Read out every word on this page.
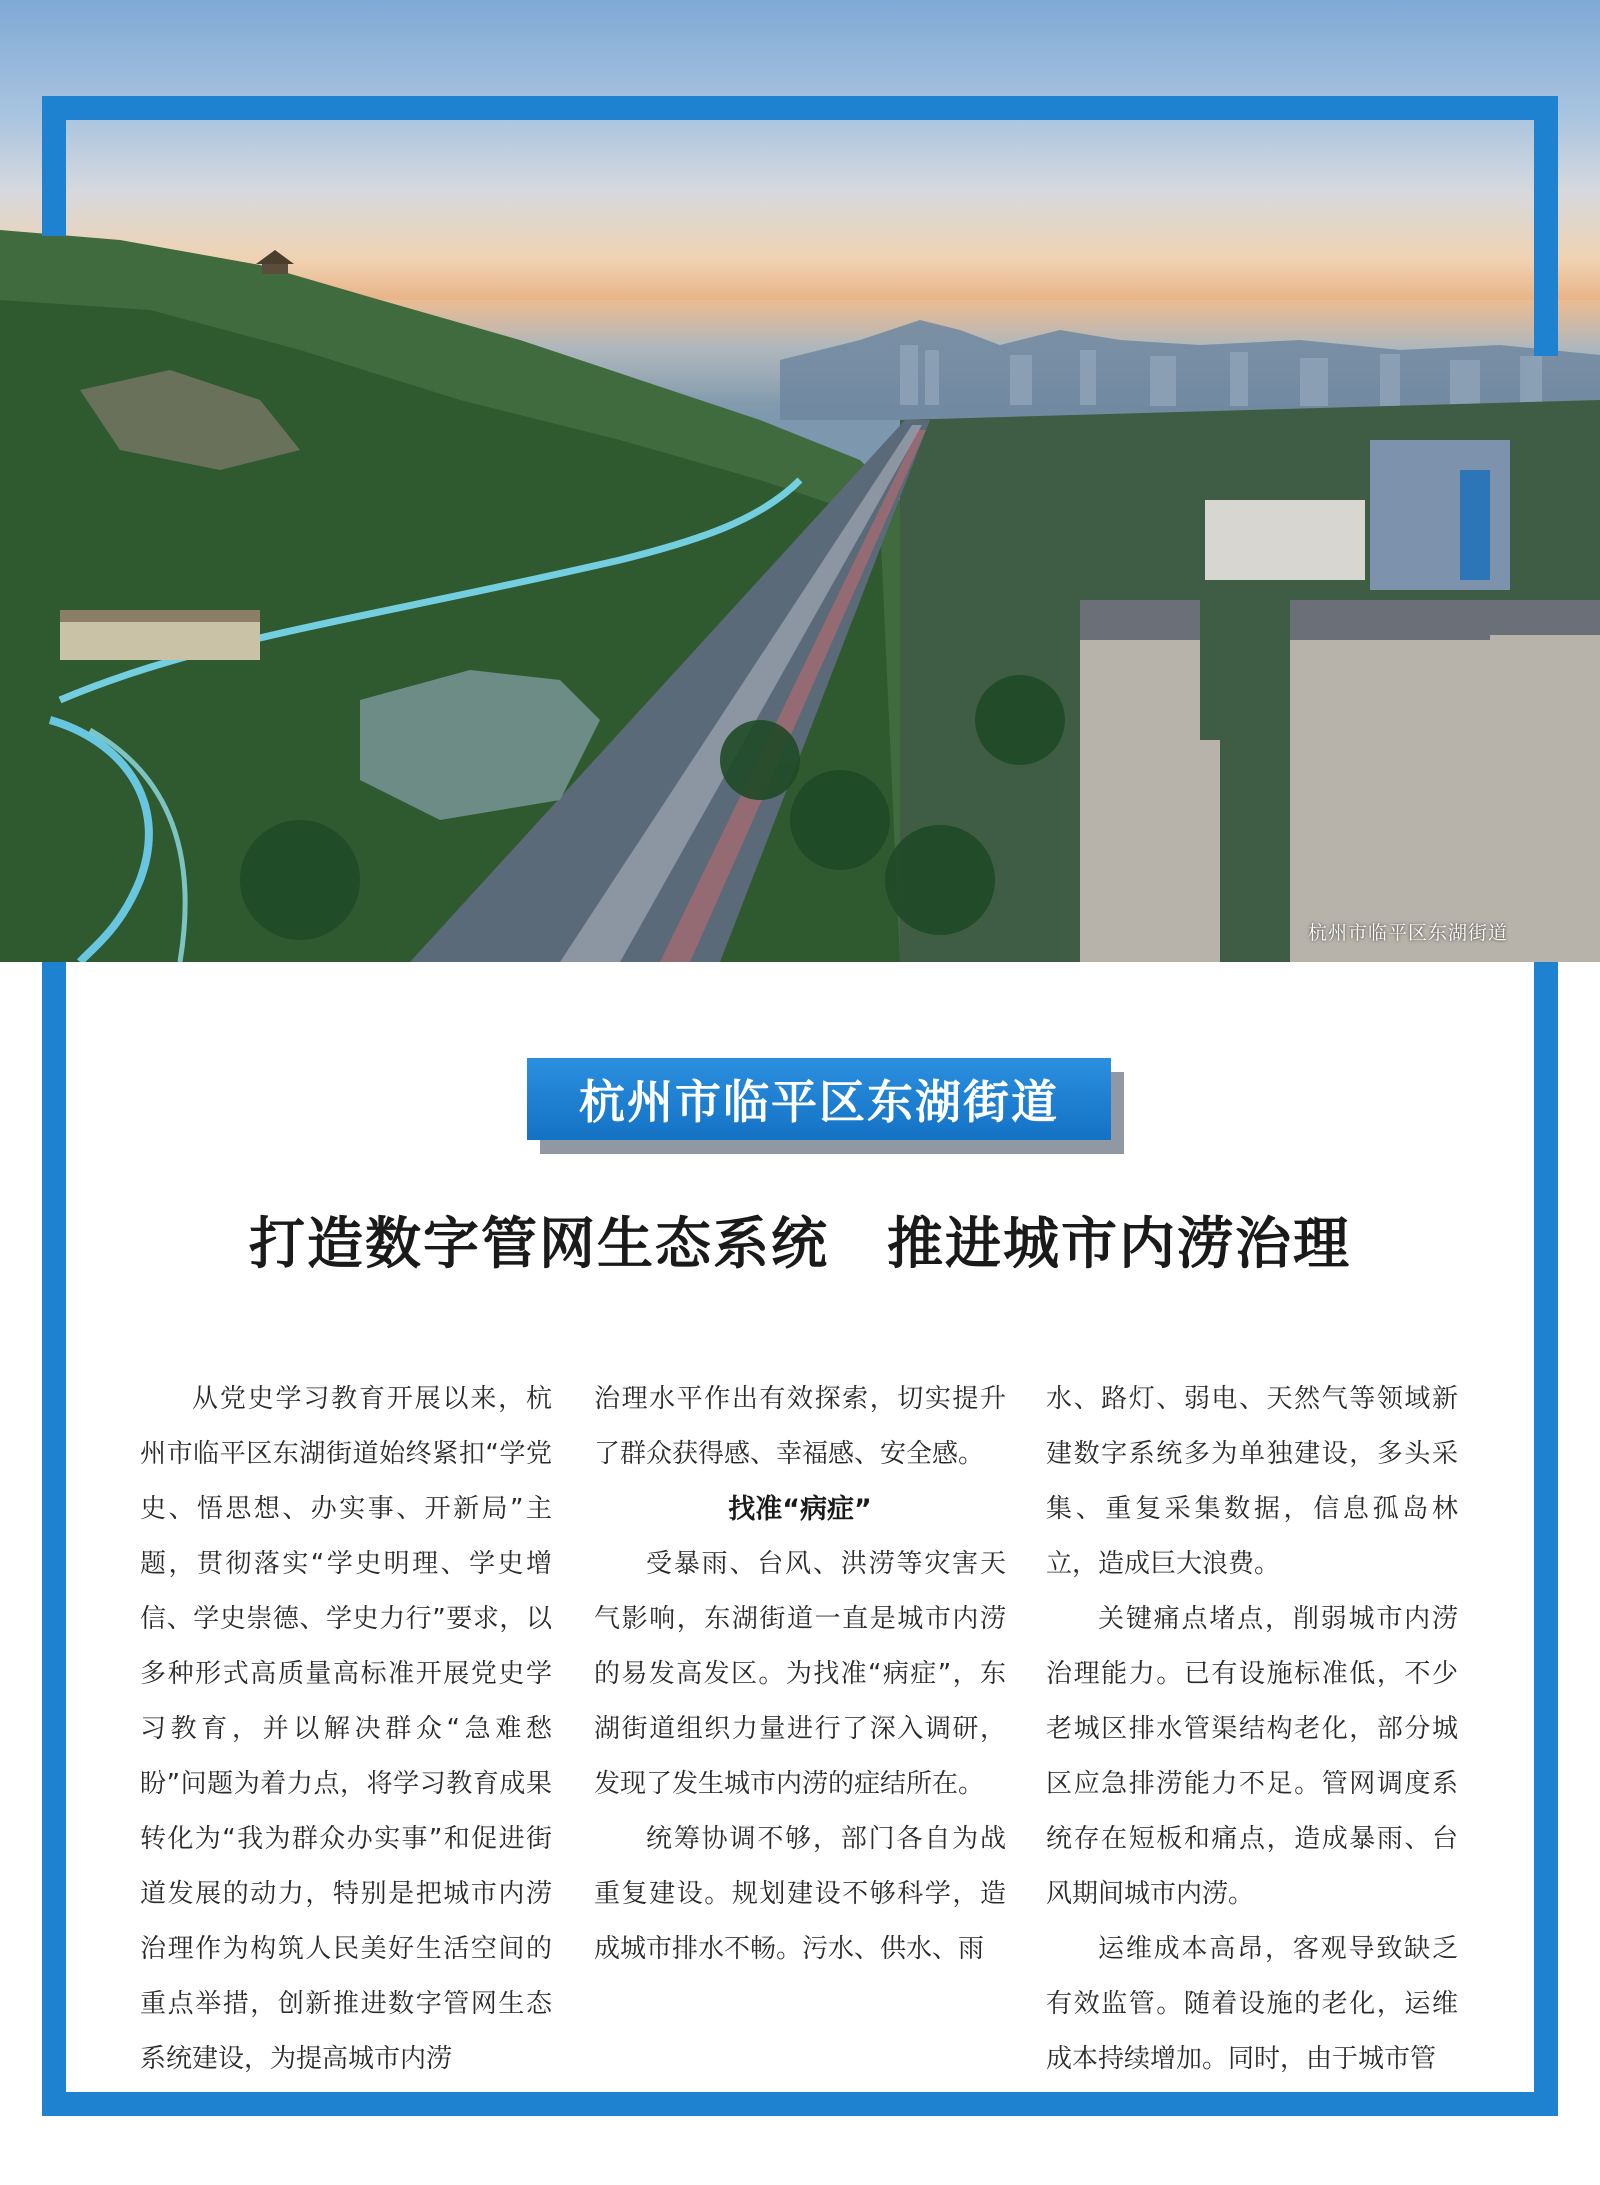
杭州市临平区东湖街道
杭州市临平区东湖街道
打造数字管网生态系统　推进城市内涝治理

从党史学习教育开展以来，杭州市临平区东湖街道始终紧扣“学党史、悟思想、办实事、开新局”主题，贯彻落实“学史明理、学史增信、学史崇德、学史力行”要求，以多种形式高质量高标准开展党史学习教育，并以解决群众“急难愁盼”问题为着力点，将学习教育成果转化为“我为群众办实事”和促进街道发展的动力，特别是把城市内涝治理作为构筑人民美好生活空间的重点举措，创新推进数字管网生态系统建设，为提高城市内涝

治理水平作出有效探索，切实提升了群众获得感、幸福感、安全感。

找准“病症”

受暴雨、台风、洪涝等灾害天气影响，东湖街道一直是城市内涝的易发高发区。为找准“病症”，东湖街道组织力量进行了深入调研，发现了发生城市内涝的症结所在。

统筹协调不够，部门各自为战重复建设。规划建设不够科学，造成城市排水不畅。污水、供水、雨

水、路灯、弱电、天然气等领域新建数字系统多为单独建设，多头采集、重复采集数据，信息孤岛林立，造成巨大浪费。

关键痛点堵点，削弱城市内涝治理能力。已有设施标准低，不少老城区排水管渠结构老化，部分城区应急排涝能力不足。管网调度系统存在短板和痛点，造成暴雨、台风期间城市内涝。

运维成本高昂，客观导致缺乏有效监管。随着设施的老化，运维成本持续增加。同时，由于城市管
